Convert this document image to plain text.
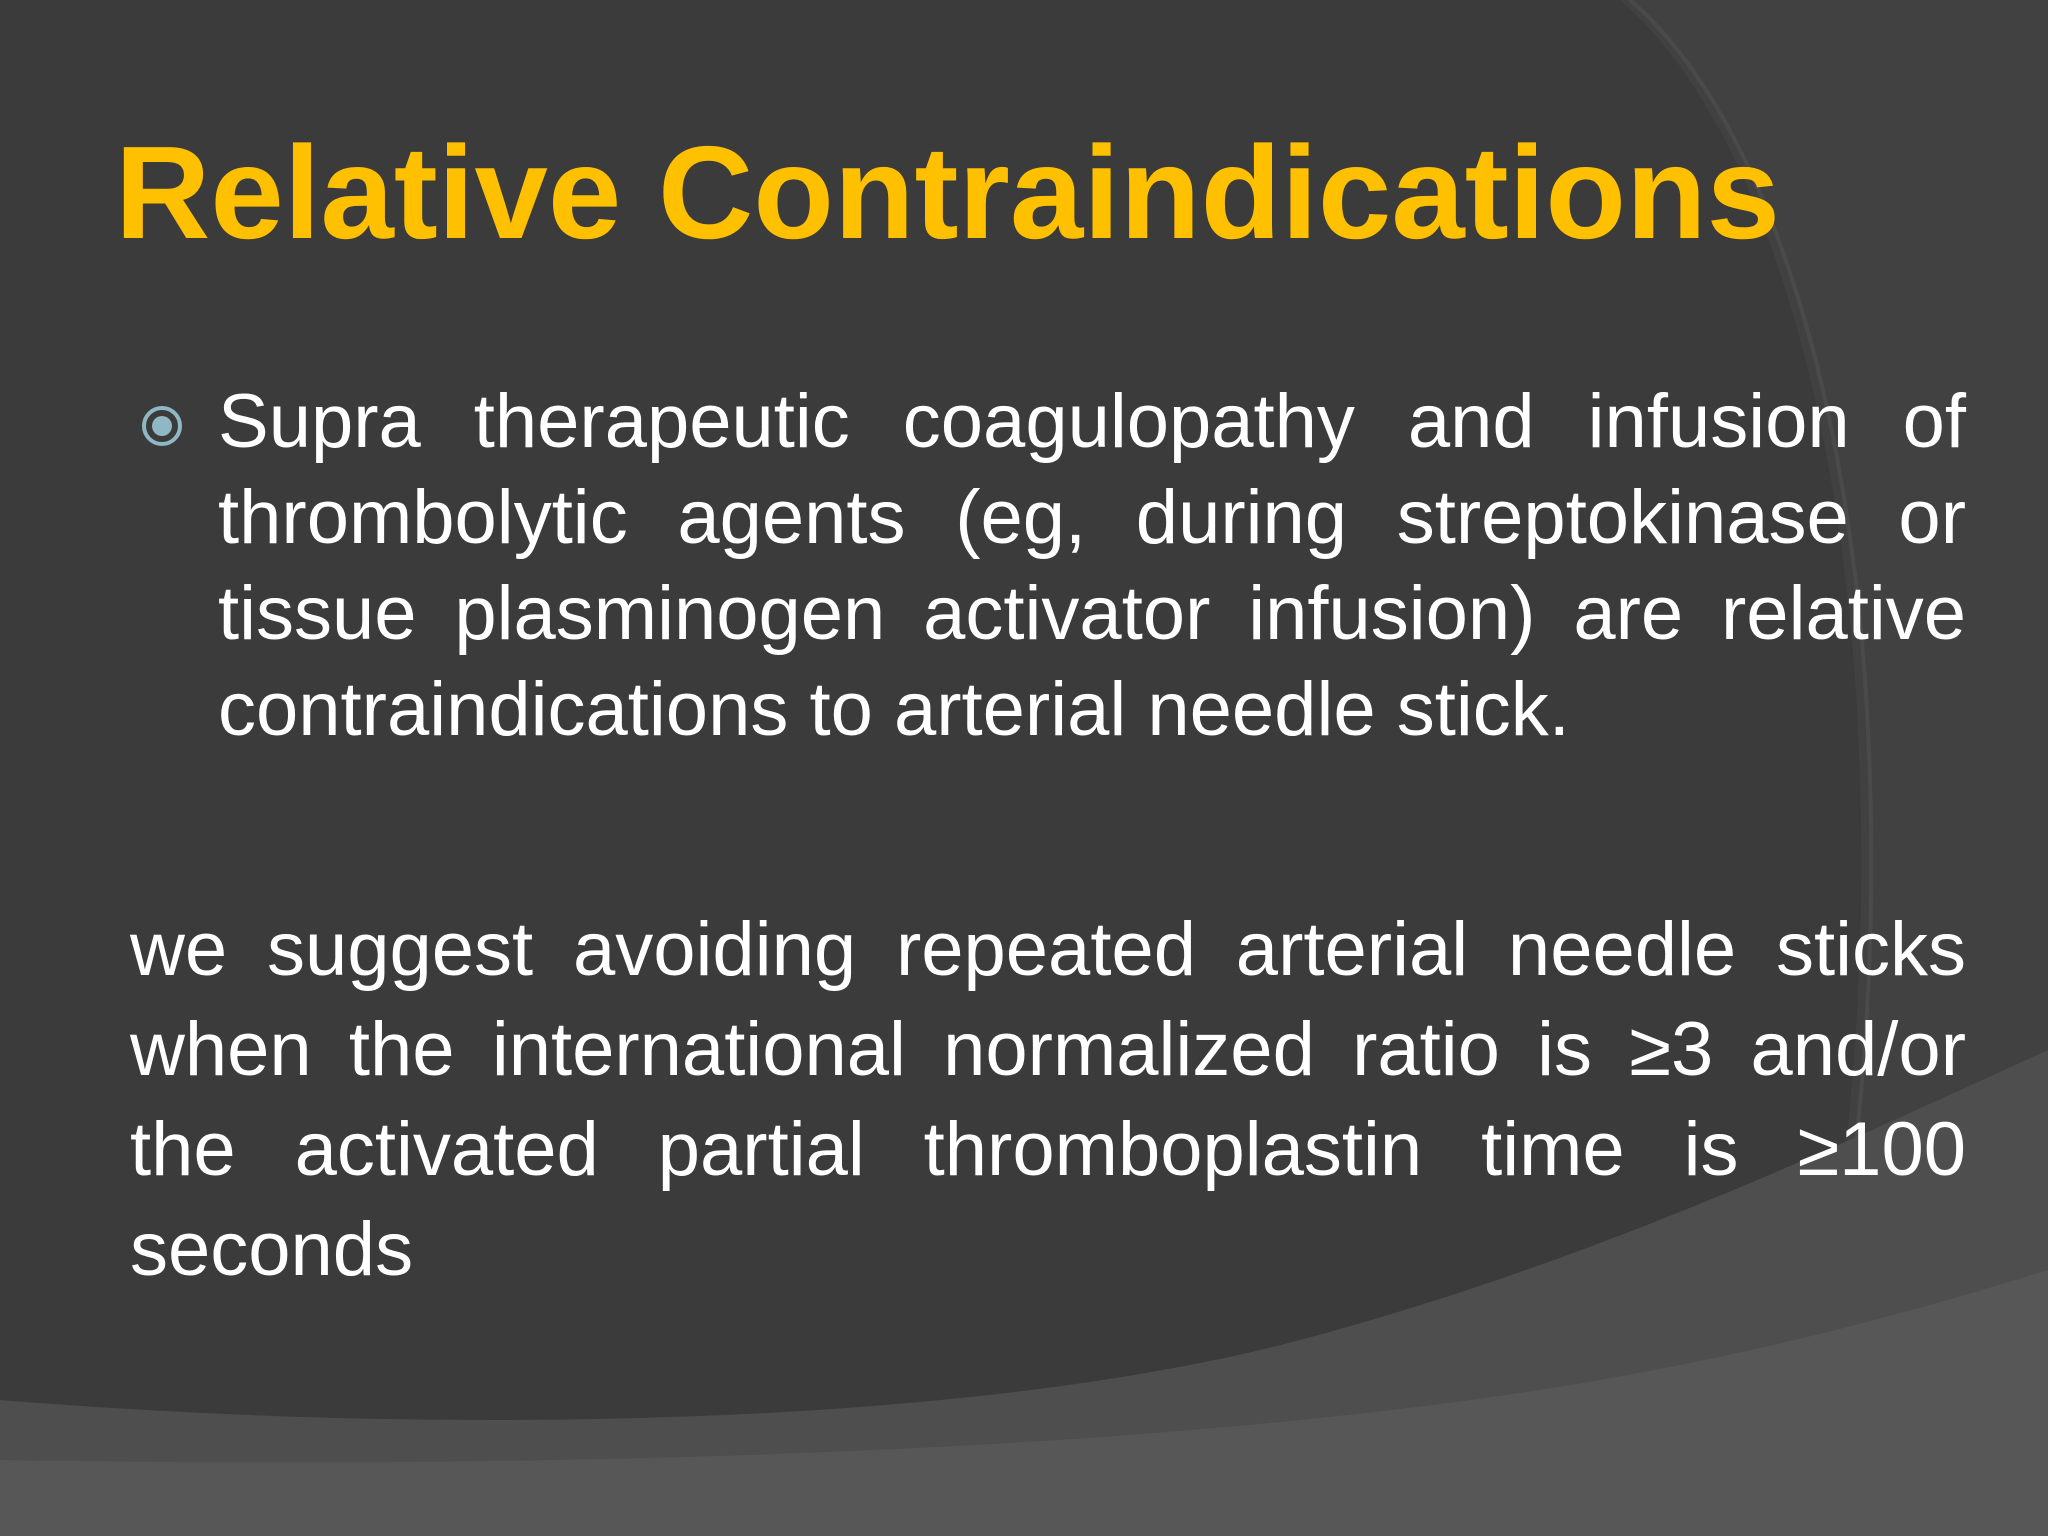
Relative Contraindications

Supra therapeutic coagulopathy and infusion of thrombolytic agents (eg, during streptokinase or tissue plasminogen activator infusion) are relative contraindications to arterial needle stick.

we suggest avoiding repeated arterial needle sticks when the international normalized ratio is ≥3 and/or the activated partial thromboplastin time is ≥100 seconds
